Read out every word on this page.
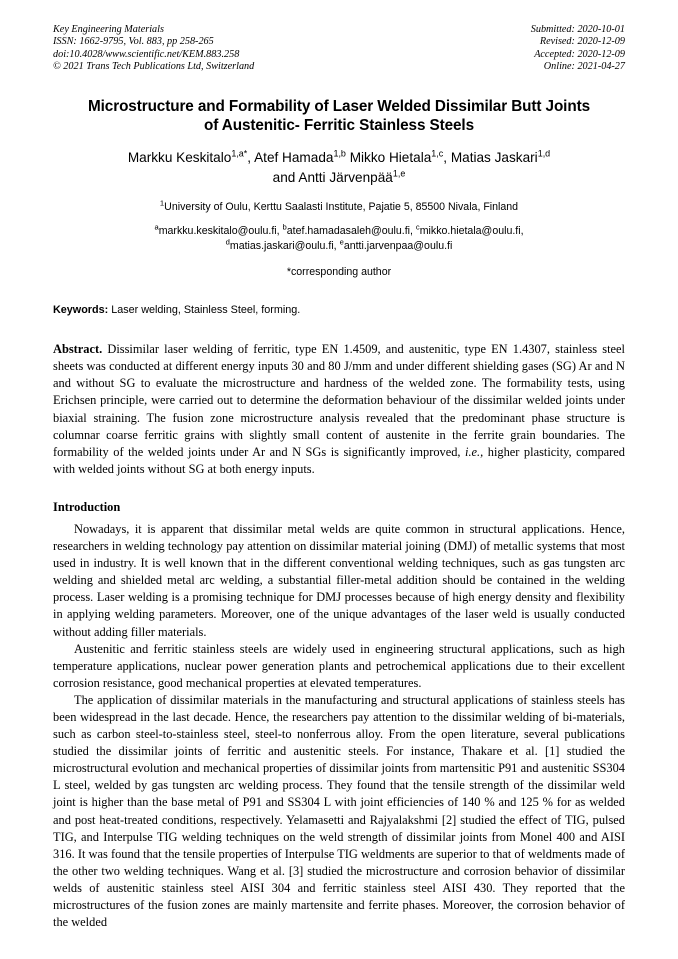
Key Engineering Materials
ISSN: 1662-9795, Vol. 883, pp 258-265
doi:10.4028/www.scientific.net/KEM.883.258
© 2021 Trans Tech Publications Ltd, Switzerland
Submitted: 2020-10-01
Revised: 2020-12-09
Accepted: 2020-12-09
Online: 2021-04-27
Microstructure and Formability of Laser Welded Dissimilar Butt Joints
of Austenitic- Ferritic Stainless Steels
Markku Keskitalo$^{1,a*}$, Atef Hamada$^{1,b}$ Mikko Hietala$^{1,c}$, Matias Jaskari$^{1,d}$
and Antti Järvenpää$^{1,e}$
$^1$University of Oulu, Kerttu Saalasti Institute, Pajatie 5, 85500 Nivala, Finland
$^a$markku.keskitalo@oulu.fi, $^b$atef.hamadasaleh@oulu.fi, $^c$mikko.hietala@oulu.fi,
$^d$matias.jaskari@oulu.fi, $^e$antti.jarvenpaa@oulu.fi
*corresponding author
Keywords: Laser welding, Stainless Steel, forming.
Abstract. Dissimilar laser welding of ferritic, type EN 1.4509, and austenitic, type EN 1.4307, stainless steel sheets was conducted at different energy inputs 30 and 80 J/mm and under different shielding gases (SG) Ar and N and without SG to evaluate the microstructure and hardness of the welded zone. The formability tests, using Erichsen principle, were carried out to determine the deformation behaviour of the dissimilar welded joints under biaxial straining. The fusion zone microstructure analysis revealed that the predominant phase structure is columnar coarse ferritic grains with slightly small content of austenite in the ferrite grain boundaries. The formability of the welded joints under Ar and N SGs is significantly improved, i.e., higher plasticity, compared with welded joints without SG at both energy inputs.
Introduction

Nowadays, it is apparent that dissimilar metal welds are quite common in structural applications. Hence, researchers in welding technology pay attention on dissimilar material joining (DMJ) of metallic systems that most used in industry. It is well known that in the different conventional welding techniques, such as gas tungsten arc welding and shielded metal arc welding, a substantial filler-metal addition should be contained in the welding process. Laser welding is a promising technique for DMJ processes because of high energy density and flexibility in applying welding parameters. Moreover, one of the unique advantages of the laser weld is usually conducted without adding filler materials.

Austenitic and ferritic stainless steels are widely used in engineering structural applications, such as high temperature applications, nuclear power generation plants and petrochemical applications due to their excellent corrosion resistance, good mechanical properties at elevated temperatures.

The application of dissimilar materials in the manufacturing and structural applications of stainless steels has been widespread in the last decade. Hence, the researchers pay attention to the dissimilar welding of bi-materials, such as carbon steel-to-stainless steel, steel-to nonferrous alloy. From the open literature, several publications studied the dissimilar joints of ferritic and austenitic steels. For instance, Thakare et al. [1] studied the microstructural evolution and mechanical properties of dissimilar joints from martensitic P91 and austenitic SS304 L steel, welded by gas tungsten arc welding process. They found that the tensile strength of the dissimilar weld joint is higher than the base metal of P91 and SS304 L with joint efficiencies of 140 % and 125 % for as welded and post heat-treated conditions, respectively. Yelamasetti and Rajyalakshmi [2] studied the effect of TIG, pulsed TIG, and Interpulse TIG welding techniques on the weld strength of dissimilar joints from Monel 400 and AISI 316. It was found that the tensile properties of Interpulse TIG weldments are superior to that of weldments made of the other two welding techniques. Wang et al. [3] studied the microstructure and corrosion behavior of dissimilar welds of austenitic stainless steel AISI 304 and ferritic stainless steel AISI 430. They reported that the microstructures of the fusion zones are mainly martensite and ferrite phases. Moreover, the corrosion behavior of the welded
